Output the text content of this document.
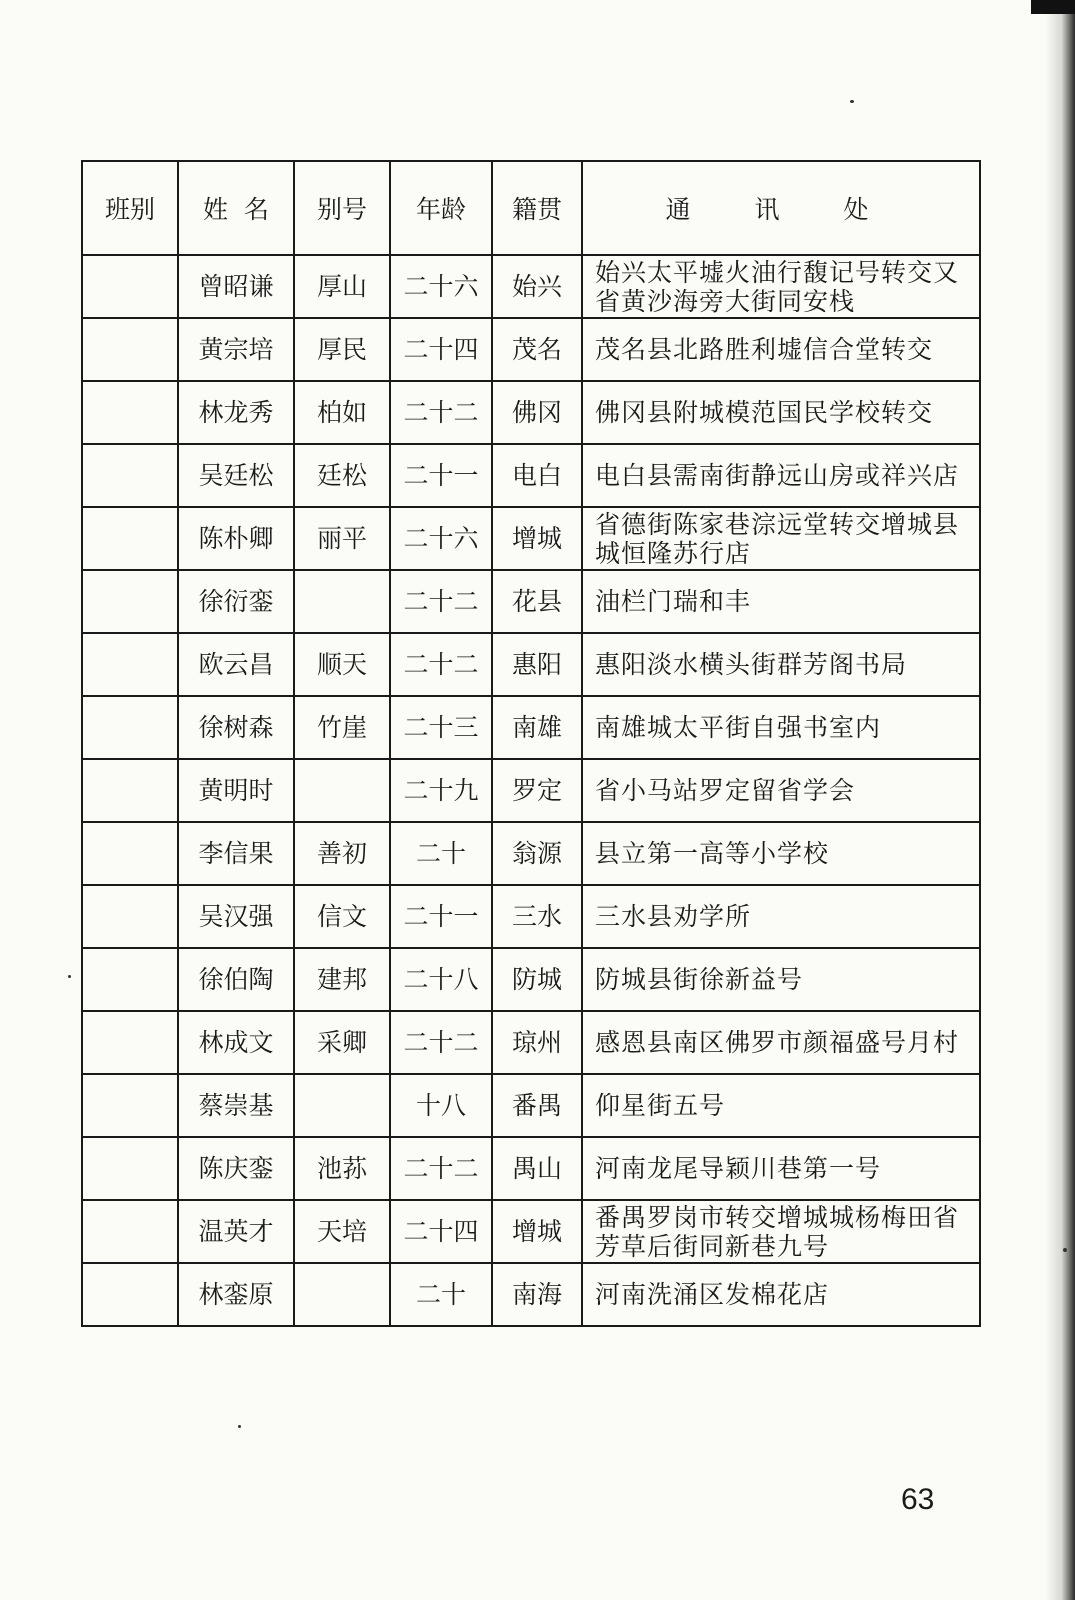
班别	姓  名	别号	年龄	籍贯	通 讯 处
	曾昭谦	厚山	二十六	始兴	始兴太平墟火油行馥记号转交又省黄沙海旁大街同安栈
	黄宗培	厚民	二十四	茂名	茂名县北路胜利墟信合堂转交
	林龙秀	柏如	二十二	佛冈	佛冈县附城模范国民学校转交
	吴廷松	廷松	二十一	电白	电白县需南街静远山房或祥兴店
	陈朴卿	丽平	二十六	增城	省德街陈家巷淙远堂转交增城县城恒隆苏行店
	徐衍銮		二十二	花县	油栏门瑞和丰
	欧云昌	顺天	二十二	惠阳	惠阳淡水横头街群芳阁书局
	徐树森	竹崖	二十三	南雄	南雄城太平街自强书室内
	黄明时		二十九	罗定	省小马站罗定留省学会
	李信果	善初	二十	翁源	县立第一高等小学校
	吴汉强	信文	二十一	三水	三水县劝学所
	徐伯陶	建邦	二十八	防城	防城县街徐新益号
	林成文	采卿	二十二	琼州	感恩县南区佛罗市颜福盛号月村
	蔡崇基		十八	番禺	仰星街五号
	陈庆銮	池荪	二十二	禺山	河南龙尾导颖川巷第一号
	温英才	天培	二十四	增城	番禺罗岗市转交增城城杨梅田省芳草后街同新巷九号
	林銮原		二十	南海	河南洗涌区发棉花店
63
